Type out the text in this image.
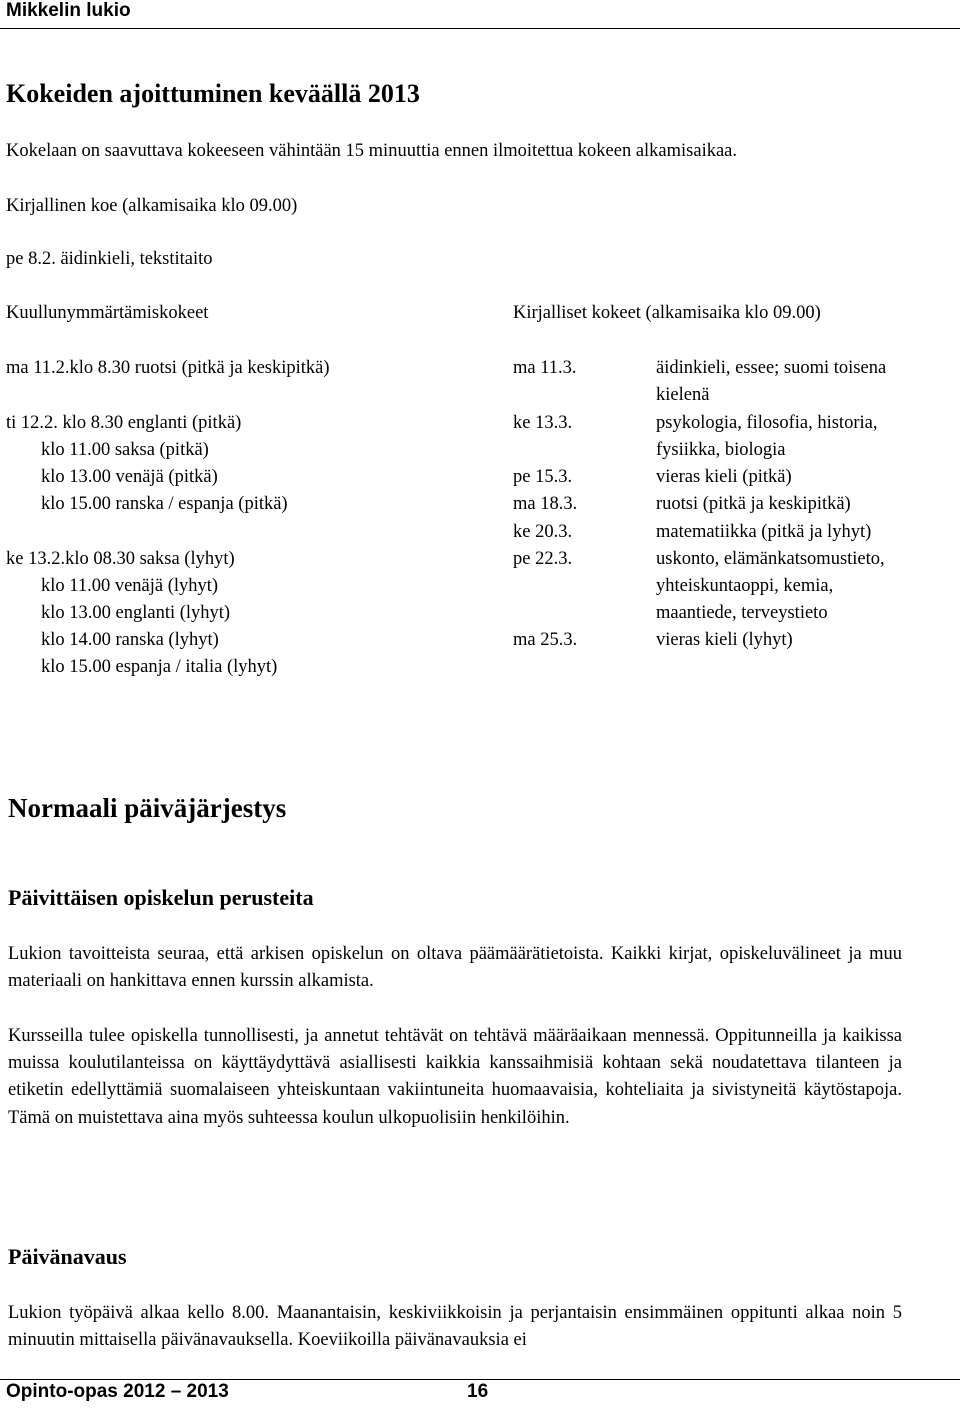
Mikkelin lukio
Kokeiden ajoittuminen keväällä 2013
Kokelaan on saavuttava kokeeseen vähintään 15 minuuttia ennen ilmoitettua kokeen alkamisaikaa.
Kirjallinen koe (alkamisaika klo 09.00)
pe 8.2. äidinkieli, tekstitaito
Kuullunymmärtämiskokeet	Kirjalliset kokeet (alkamisaika klo 09.00)
ma 11.2.klo 8.30 ruotsi (pitkä ja keskipitkä)
ti 12.2. klo 8.30 englanti (pitkä)
klo 11.00 saksa (pitkä)
klo 13.00 venäjä (pitkä)
klo 15.00 ranska / espanja (pitkä)
ke 13.2.klo 08.30 saksa (lyhyt)
klo 11.00 venäjä (lyhyt)
klo 13.00 englanti (lyhyt)
klo 14.00 ranska (lyhyt)
klo 15.00 espanja / italia (lyhyt)
ma 11.3.
ke 13.3.
pe 15.3.
ma 18.3.
ke 20.3.
pe 22.3.
ma 25.3.
äidinkieli, essee; suomi toisena
kielenä
psykologia, filosofia, historia,
fysiikka, biologia
vieras kieli (pitkä)
ruotsi (pitkä ja keskipitkä)
matematiikka (pitkä ja lyhyt)
uskonto, elämänkatsomustieto,
yhteiskuntaoppi, kemia,
maantiede, terveystieto
vieras kieli (lyhyt)
Normaali päiväjärjestys
Päivittäisen opiskelun perusteita

Lukion tavoitteista seuraa, että arkisen opiskelun on oltava päämäärätietoista. Kaikki kirjat, opiskeluvälineet ja muu materiaali on hankittava ennen kurssin alkamista.

Kursseilla tulee opiskella tunnollisesti, ja annetut tehtävät on tehtävä määräaikaan mennessä. Oppitunneilla ja kaikissa muissa koulutilanteissa on käyttäydyttävä asiallisesti kaikkia kanssaihmisiä kohtaan sekä noudatettava tilanteen ja etiketin edellyttämiä suomalaiseen yhteiskuntaan vakiintuneita huomaavaisia, kohteliaita ja sivistyneitä käytöstapoja. Tämä on muistettava aina myös suhteessa koulun ulkopuolisiin henkilöihin.

Päivänavaus

Lukion työpäivä alkaa kello 8.00. Maanantaisin, keskiviikkoisin ja perjantaisin ensimmäinen oppitunti alkaa noin 5 minuutin mittaisella päivänavauksella. Koeviikoilla päivänavauksia ei

Opinto-opas 2012 – 2013	16
